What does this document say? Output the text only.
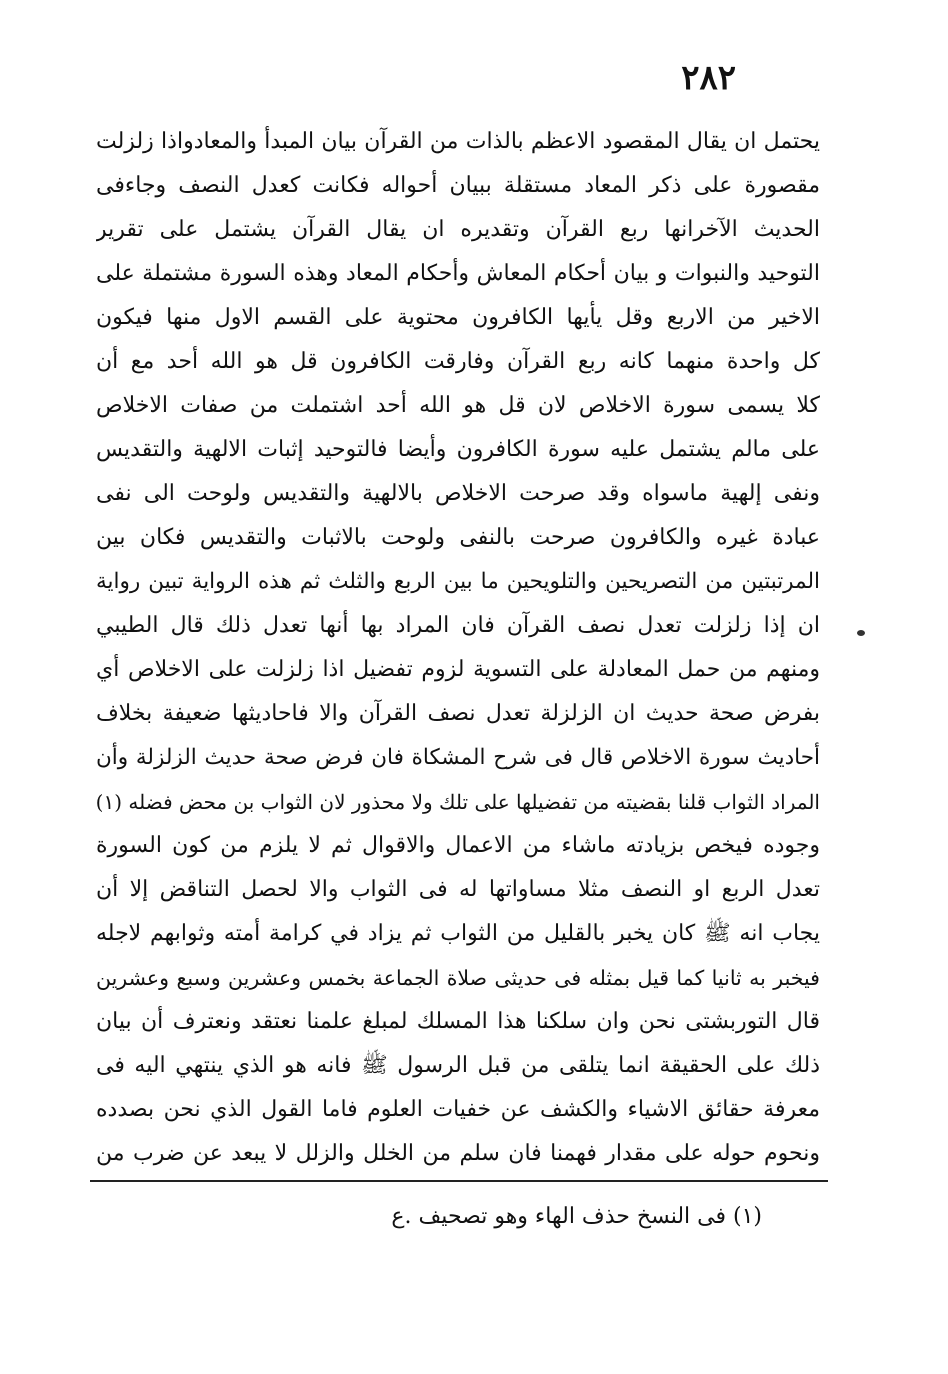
٢٨٢
يحتمل ان يقال المقصود الاعظم بالذات من القرآن بيان المبدأ والمعادواذا زلزلت
مقصورة على ذكر المعاد مستقلة ببيان أحواله فكانت كعدل النصف وجاءفى
الحديث الآخرانها ربع القرآن وتقديره ان يقال القرآن يشتمل على تقرير
التوحيد والنبوات و بيان أحكام المعاش وأحكام المعاد وهذه السورة مشتملة على
الاخير من الاربع وقل يأيها الكافرون محتوية على القسم الاول منها فيكون
كل واحدة منهما كانه ربع القرآن وفارقت الكافرون قل هو الله أحد مع أن
كلا يسمى سورة الاخلاص لان قل هو الله أحد اشتملت من صفات الاخلاص
على مالم يشتمل عليه سورة الكافرون وأيضا فالتوحيد إثبات الالهية والتقديس
ونفى إلهية ماسواه وقد صرحت الاخلاص بالالهية والتقديس ولوحت الى نفى
عبادة غيره والكافرون صرحت بالنفى ولوحت بالاثبات والتقديس فكان بين
المرتبتين من التصريحين والتلويحين ما بين الربع والثلث ثم هذه الرواية تبين رواية
ان إذا زلزلت تعدل نصف القرآن فان المراد بها أنها تعدل ذلك قال الطيبي
ومنهم من حمل المعادلة على التسوية لزوم تفضيل اذا زلزلت على الاخلاص أي
بفرض صحة حديث ان الزلزلة تعدل نصف القرآن والا فاحاديثها ضعيفة بخلاف
أحاديث سورة الاخلاص قال فى شرح المشكاة فان فرض صحة حديث الزلزلة وأن
المراد الثواب قلنا بقضيته من تفضيلها على تلك ولا محذور لان الثواب بن محض فضله (١)
وجوده فيخص بزيادته ماشاء من الاعمال والاقوال ثم لا يلزم من كون السورة
تعدل الربع او النصف مثلا مساواتها له فى الثواب والا لحصل التناقض إلا أن
يجاب انه ﷺ كان يخبر بالقليل من الثواب ثم يزاد في كرامة أمته وثوابهم لاجله
فيخبر به ثانيا كما قيل بمثله فى حديثى صلاة الجماعة بخمس وعشرين وسبع وعشرين
قال التوربشتى نحن وان سلكنا هذا المسلك لمبلغ علمنا نعتقد ونعترف أن بيان
ذلك على الحقيقة انما يتلقى من قبل الرسول ﷺ فانه هو الذي ينتهي اليه فى
معرفة حقائق الاشياء والكشف عن خفيات العلوم فاما القول الذي نحن بصدده
ونحوم حوله على مقدار فهمنا فان سلم من الخلل والزلل لا يبعد عن ضرب من
(١) فى النسخ حذف الهاء وهو تصحيف .ع
